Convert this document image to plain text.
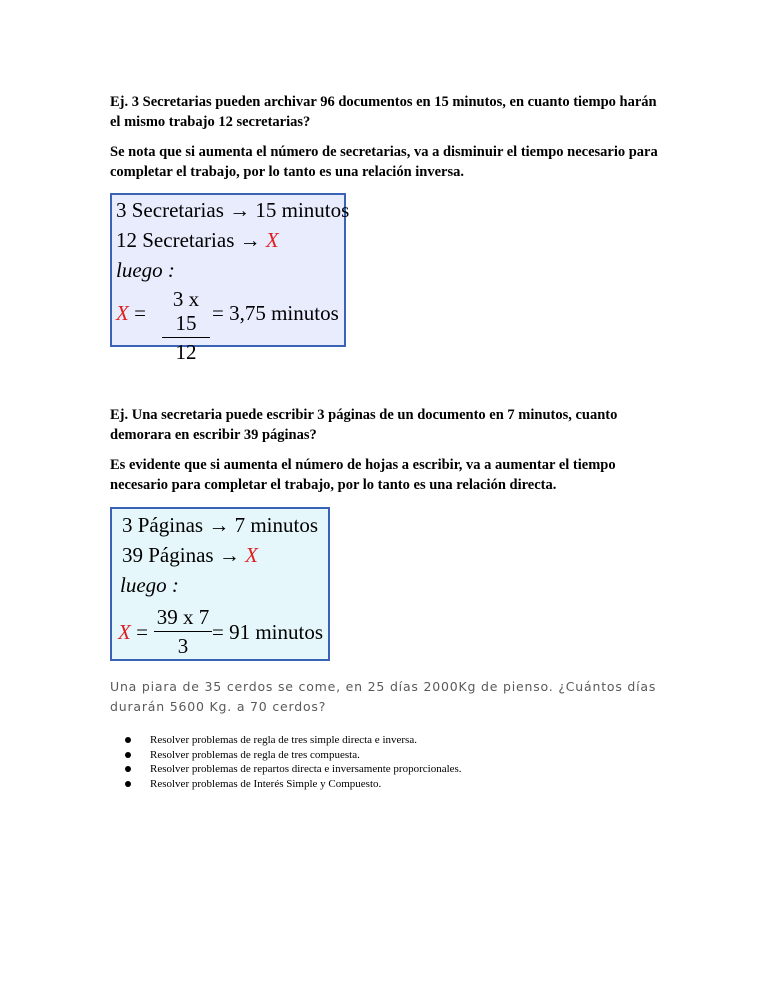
Ej. 3 Secretarias pueden archivar 96 documentos en 15 minutos, en cuanto tiempo harán el mismo trabajo 12 secretarias?

Se nota que si aumenta el número de secretarias, va a disminuir el tiempo necesario para completar el trabajo, por lo tanto es una relación inversa.

3 Secretarias → 15 minutos
12 Secretarias → X
luego :
X =
3 x 15
12
= 3,75 minutos

Ej. Una secretaria puede escribir 3 páginas de un documento en 7 minutos, cuanto demorara en escribir 39 páginas?

Es evidente que si aumenta el número de hojas a escribir, va a aumentar el tiempo necesario para completar el trabajo, por lo tanto es una relación directa.

3 Páginas → 7 minutos
39 Páginas → X
luego :
X =
39 x 7
3
= 91 minutos

Una piara de 35 cerdos se come, en 25 días 2000Kg de pienso. ¿Cuántos días durarán 5600 Kg. a 70 cerdos?

Resolver problemas de regla de tres simple directa e inversa.
Resolver problemas de regla de tres compuesta.
Resolver problemas de repartos directa e inversamente proporcionales.
Resolver problemas de Interés Simple y Compuesto.
